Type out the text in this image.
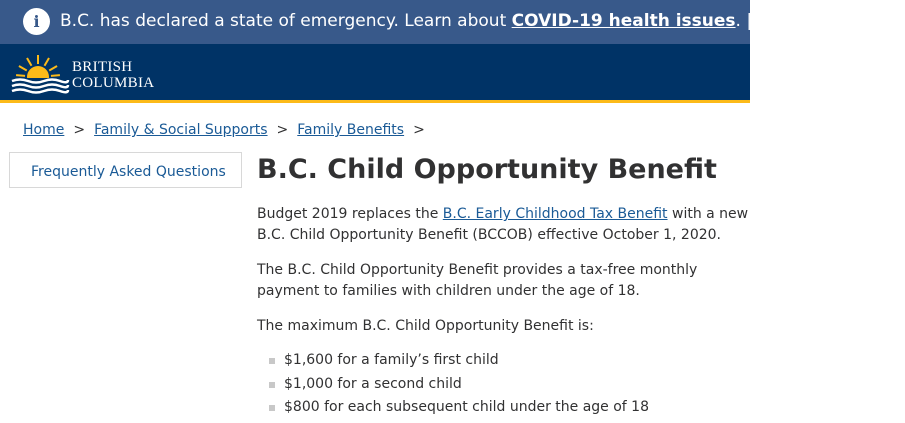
i	B.C. has declared a state of emergency. Learn about COVID-19 health issues. | B.C.'s response
BRITISH
COLUMBIA
Home > Family & Social Supports > Family Benefits >
Frequently Asked Questions B.C. Child Opportunity Benefit

Budget 2019 replaces the B.C. Early Childhood Tax Benefit with a new B.C. Child Opportunity Benefit (BCCOB) effective October 1, 2020.

The B.C. Child Opportunity Benefit provides a tax-free monthly payment to families with children under the age of 18.

The maximum B.C. Child Opportunity Benefit is:

$1,600 for a family’s first child
$1,000 for a second child
$800 for each subsequent child under the age of 18
